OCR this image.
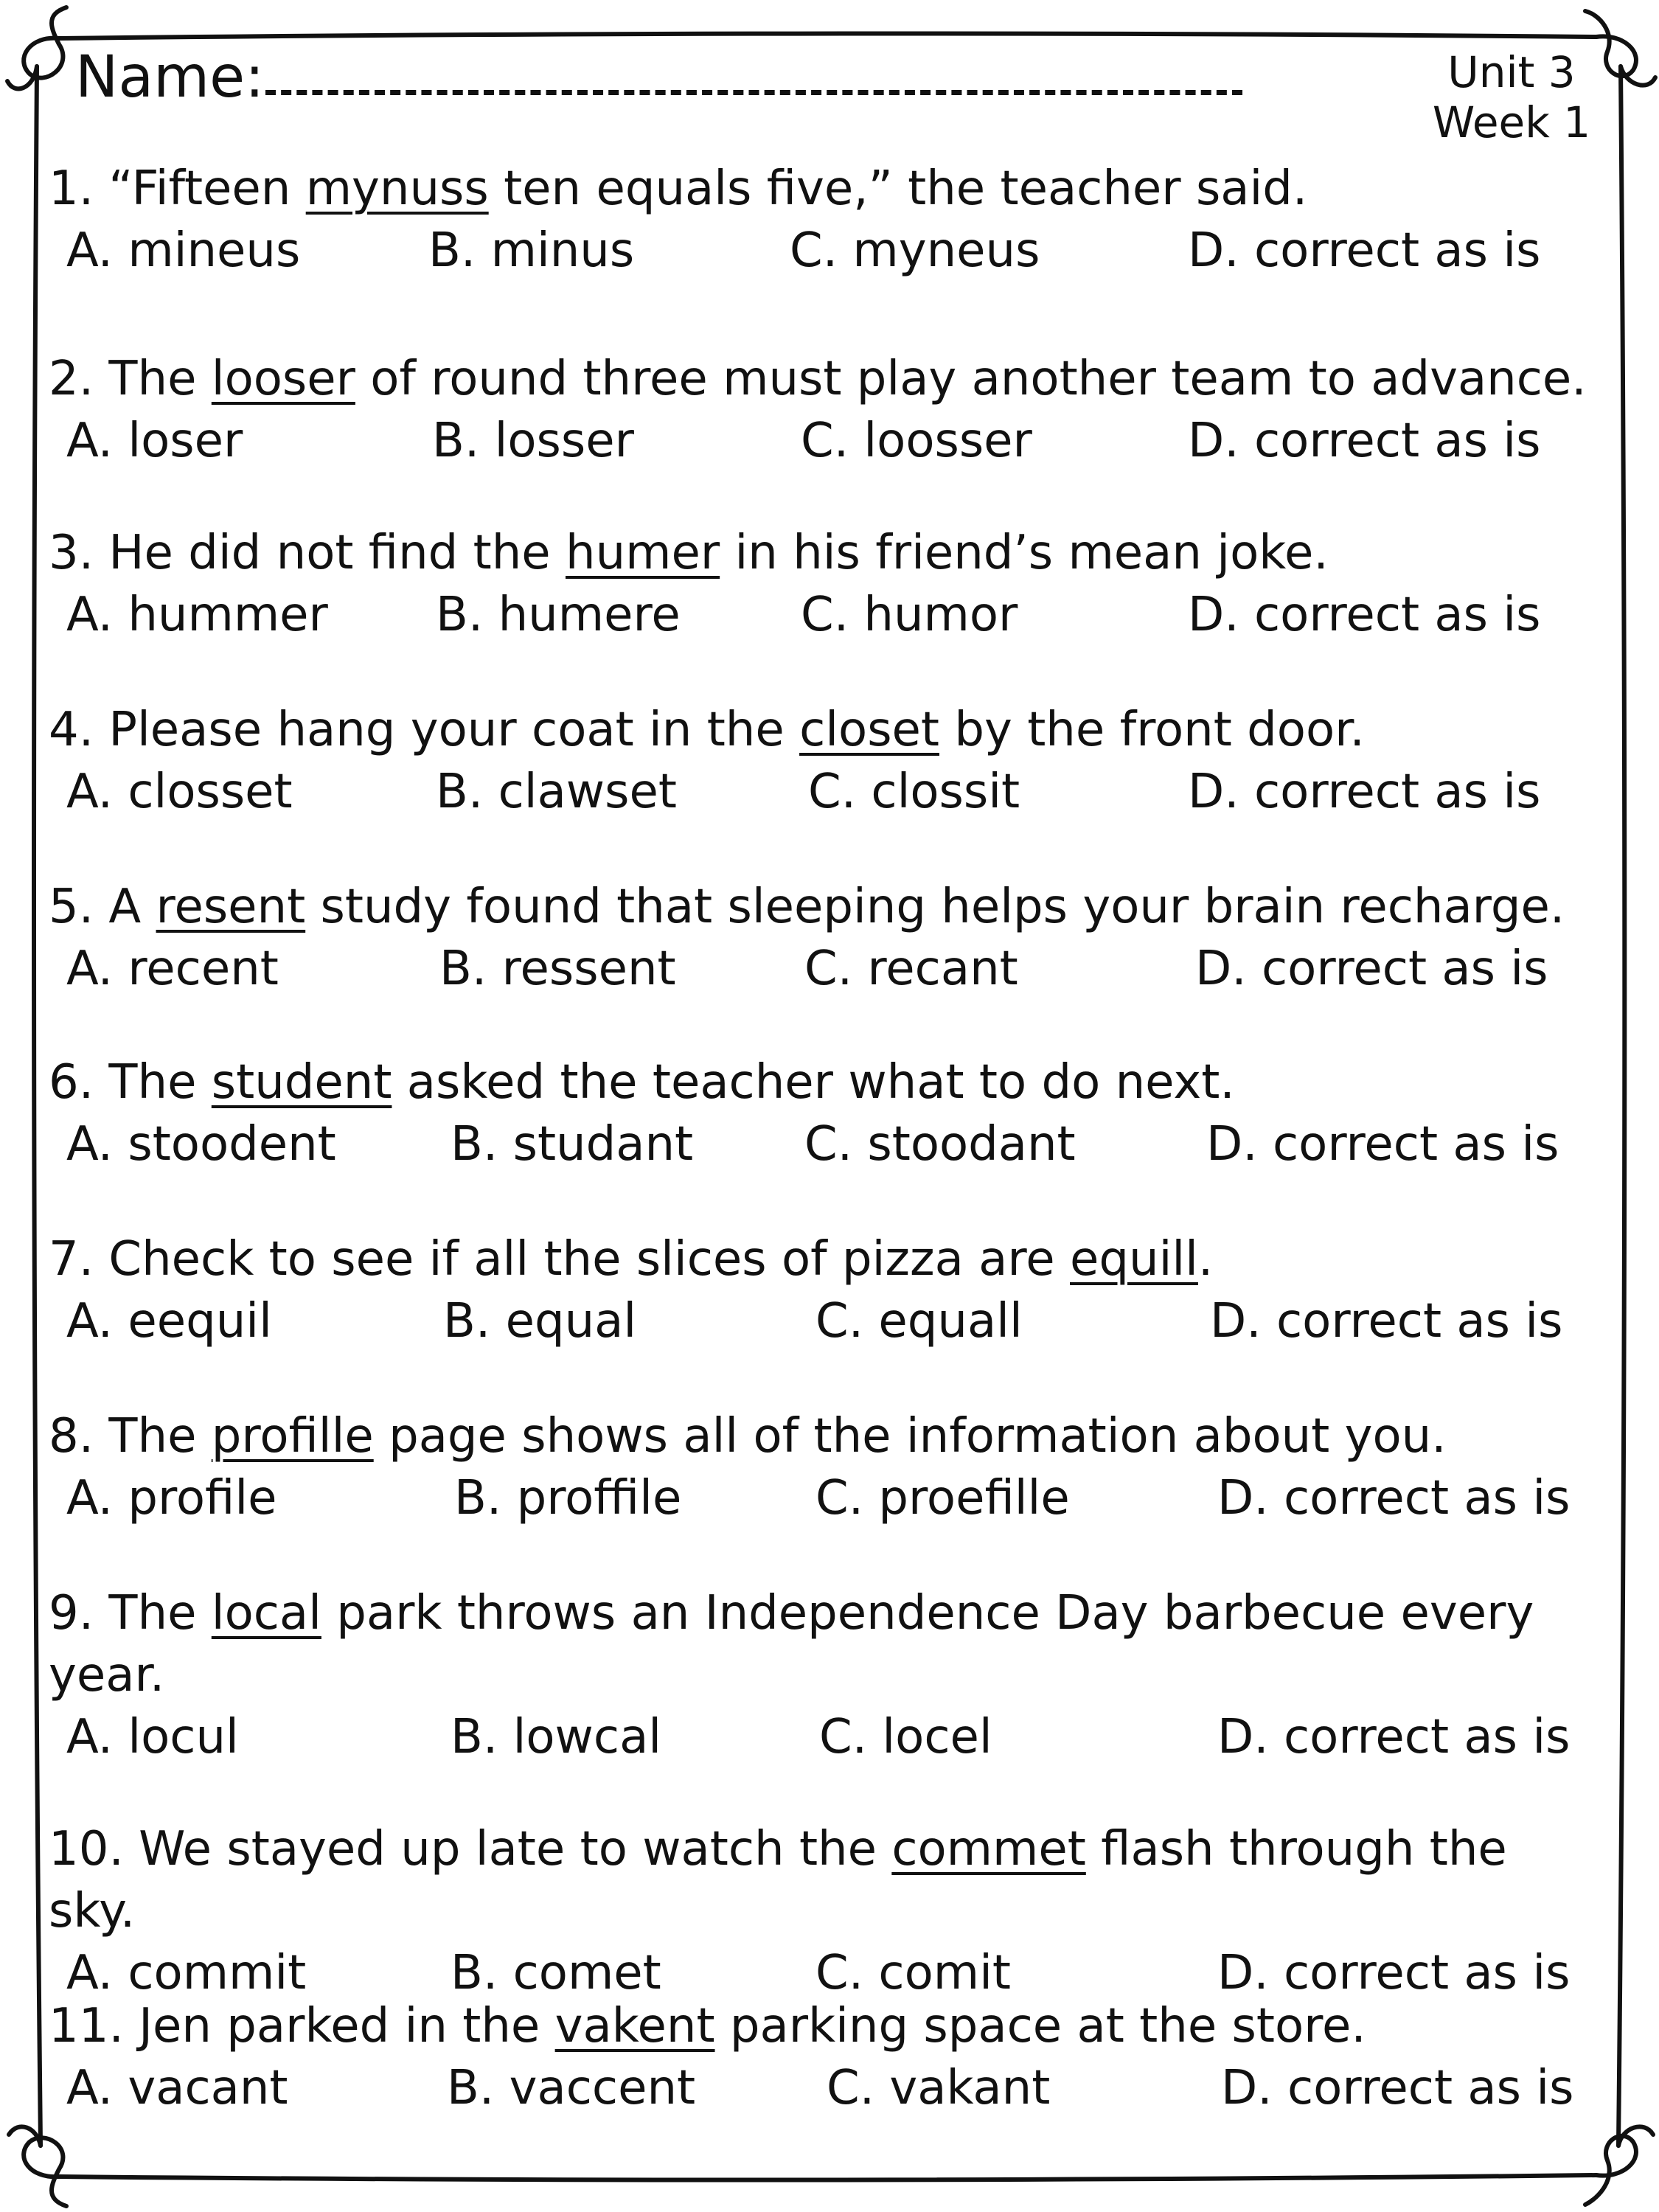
Name:	Unit 3
Week 1

1. “Fifteen mynuss ten equals five,” the teacher said.

A. mineus	B. minus	C. myneus	D. correct as is

2. The looser of round three must play another team to advance.

A. loser	B. losser	C. loosser	D. correct as is

3. He did not find the humer in his friend’s mean joke.

A. hummer B. humere	C. humor	D. correct as is

4. Please hang your coat in the closet by the front door.

A. closset	B. clawset	C. clossit	D. correct as is

5. A resent study found that sleeping helps your brain recharge.

A. recent	B. ressent	C. recant	D. correct as is

6. The student asked the teacher what to do next.

A. stoodent B. studant C. stoodant	D. correct as is

7. Check to see if all the slices of pizza are equill.

A. eequil	B. equal	C. equall	D. correct as is

8. The profille page shows all of the information about you.

A. profile	B. proffile	C. proefille	D. correct as is

9. The local park throws an Independence Day barbecue every year.

A. locul	B. lowcal	C. locel	D. correct as is

10. We stayed up late to watch the commet flash through the sky.

A. commit	B. comet	C. comit	D. correct as is

11. Jen parked in the vakent parking space at the store.

A. vacant	B. vaccent	C. vakant	D. correct as is
